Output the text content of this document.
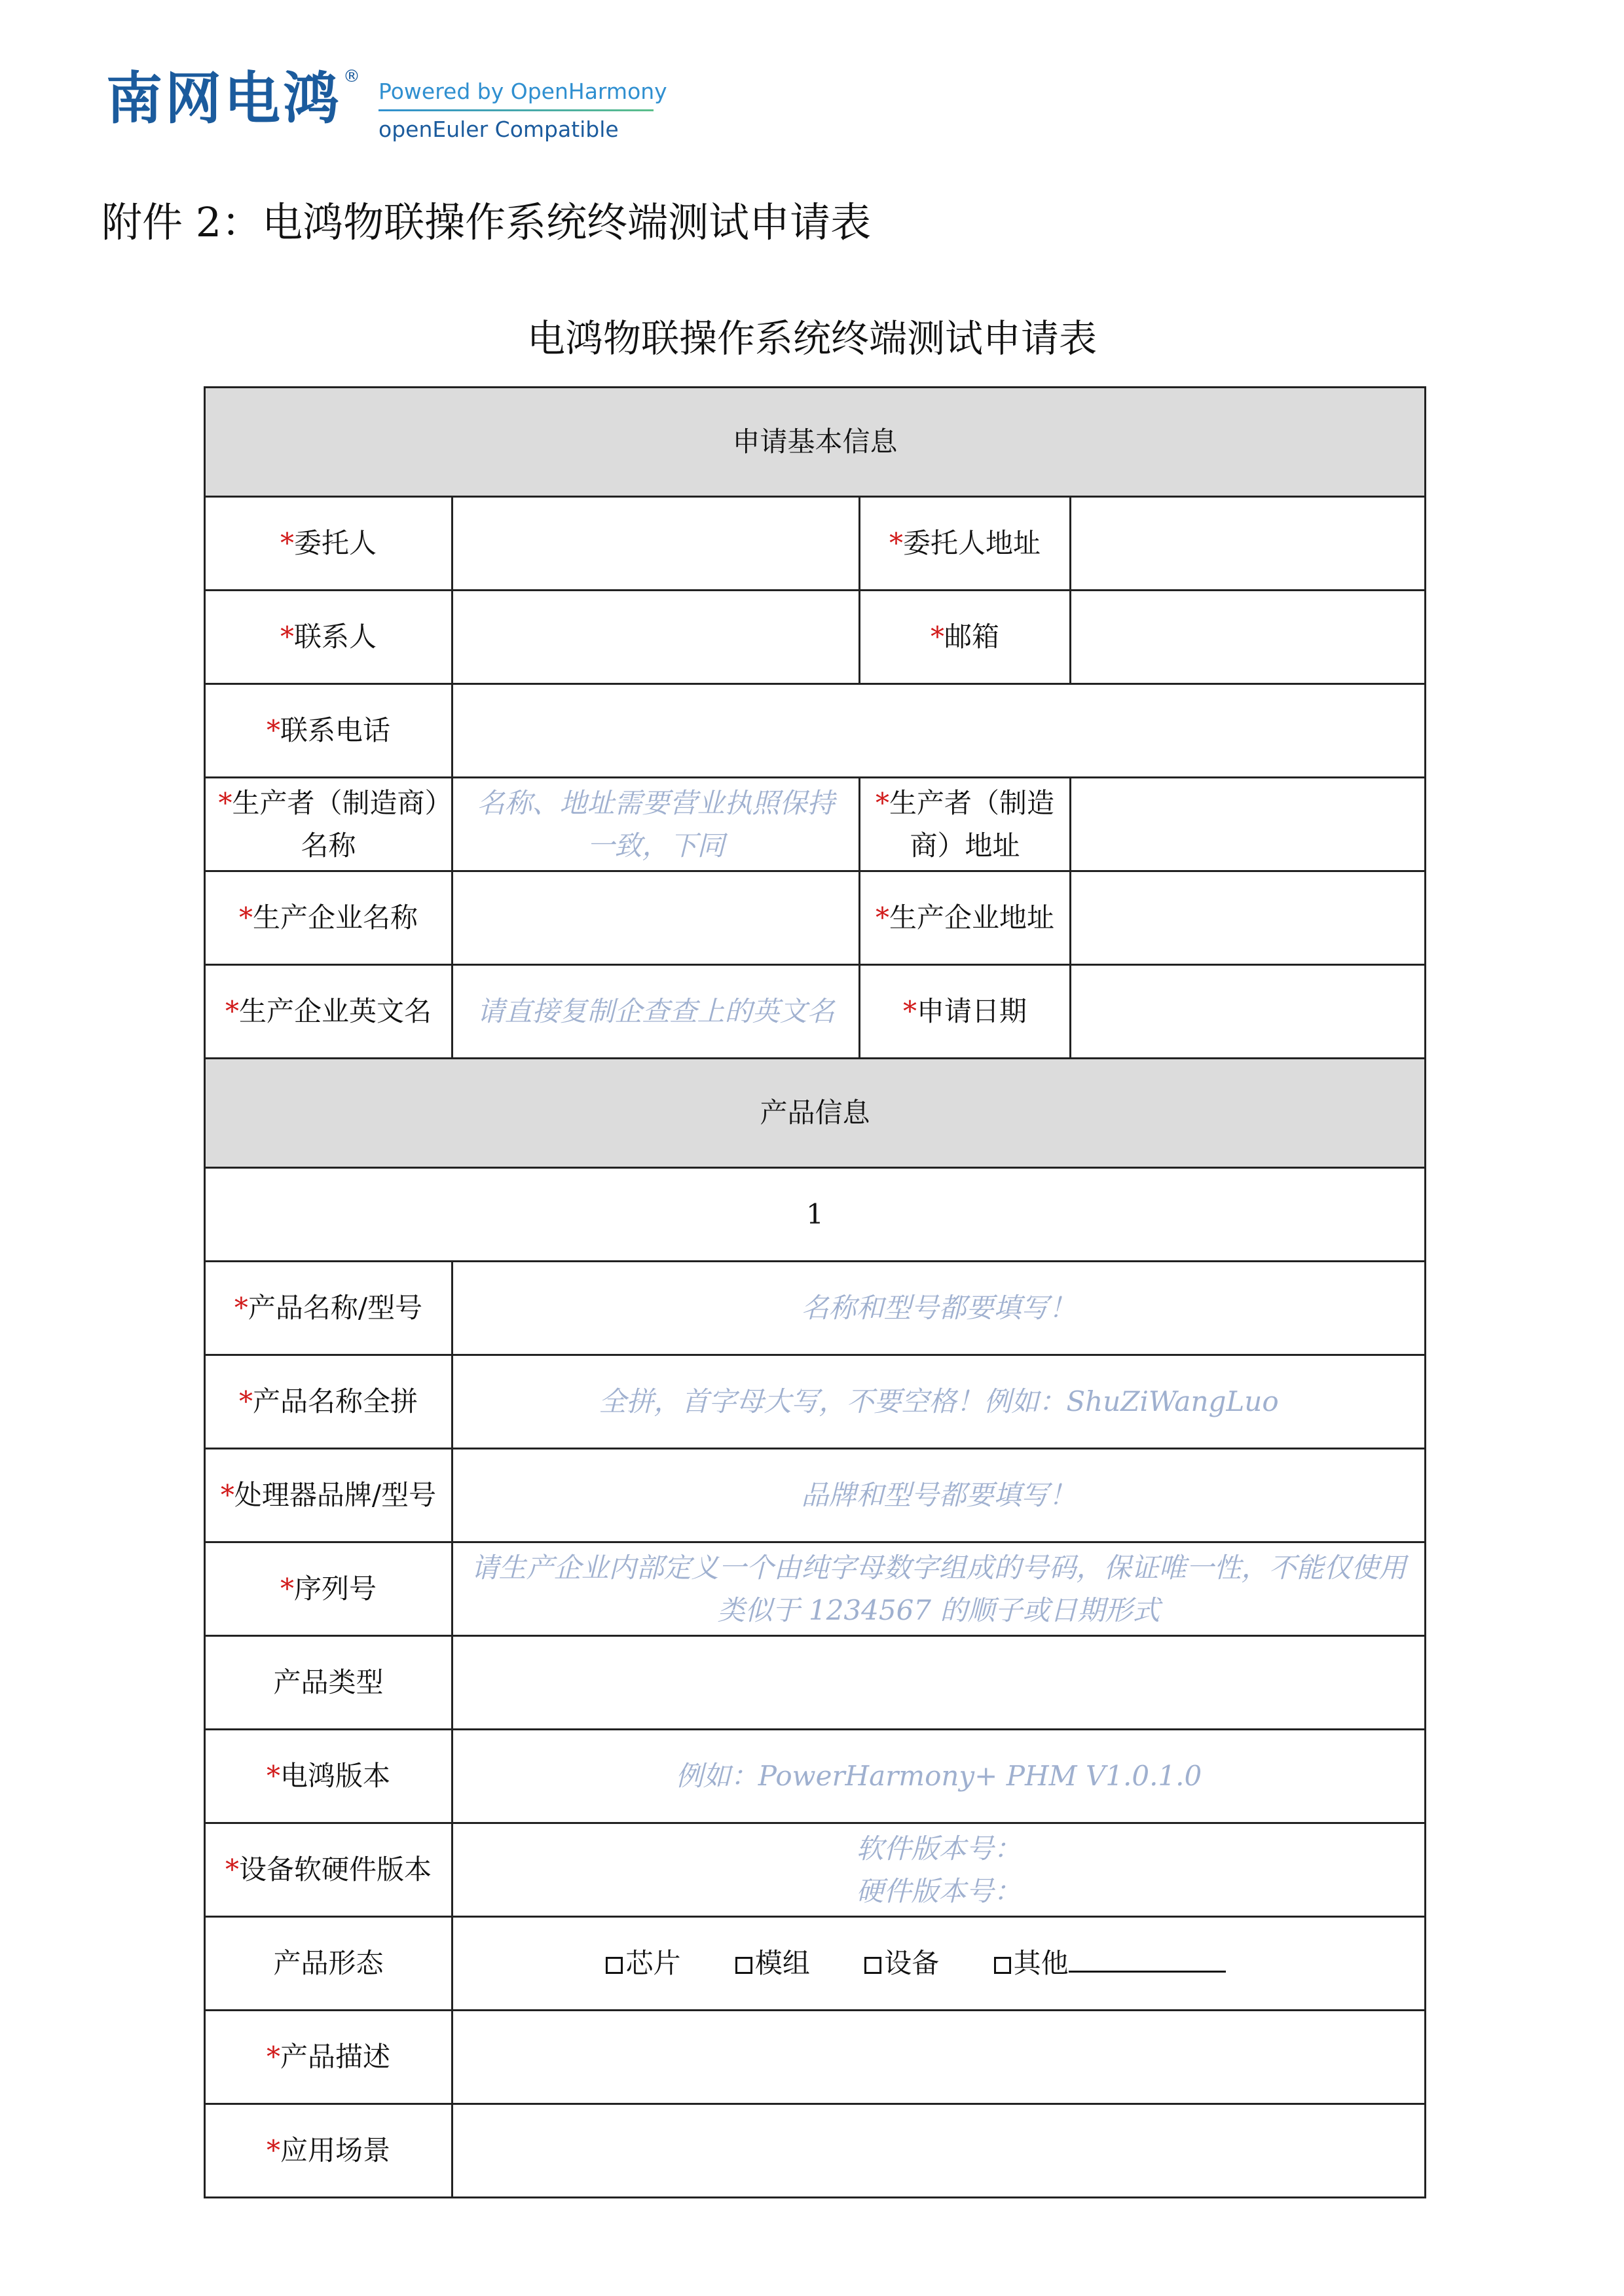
南网电鸿 ®
Powered by OpenHarmony
openEuler Compatible
附件 2：电鸿物联操作系统终端测试申请表
电鸿物联操作系统终端测试申请表
申请基本信息			
*委托人		*委托人地址	
*联系人		*邮箱	
*联系电话			
*生产者（制造商）名称	名称、地址需要营业执照保持一致，下同	*生产者（制造商）地址	
*生产企业名称		*生产企业地址	
*生产企业英文名	请直接复制企查查上的英文名	*申请日期	
产品信息			
1			
*产品名称/型号	名称和型号都要填写！		
*产品名称全拼	全拼，首字母大写，不要空格！例如：ShuZiWangLuo		
*处理器品牌/型号	品牌和型号都要填写！		
*序列号	请生产企业内部定义一个由纯字母数字组成的号码，保证唯一性，不能仅使用类似于 1234567 的顺子或日期形式		
产品类型			
*电鸿版本	例如：PowerHarmony+ PHM V1.0.1.0		
*设备软硬件版本	软件版本号：
硬件版本号：		

产品形态	芯片 模组 设备 其他		
*产品描述			
*应用场景			
